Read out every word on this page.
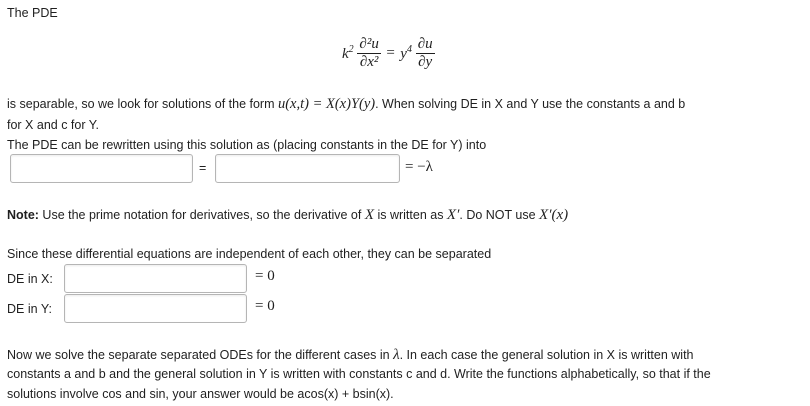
The PDE
$k^2 \frac{\text{∂²u}}{\text{∂x²}} = y^4 \frac{\partial u}{\partial y}$
is separable, so we look for solutions of the form u(x,t) = X(x)Y(y). When solving DE in X and Y use the constants a and b
for X and c for Y.
The PDE can be rewritten using this solution as (placing constants in the DE for Y) into
=	= −λ
Note: Use the prime notation for derivatives, so the derivative of X is written as X′. Do NOT use X′(x)
Since these differential equations are independent of each other, they can be separated
DE in X:	= 0
DE in Y:	= 0
Now we solve the separate separated ODEs for the different cases in λ. In each case the general solution in X is written with
constants a and b and the general solution in Y is written with constants c and d. Write the functions alphabetically, so that if the
solutions involve cos and sin, your answer would be acos(x) + bsin(x).
